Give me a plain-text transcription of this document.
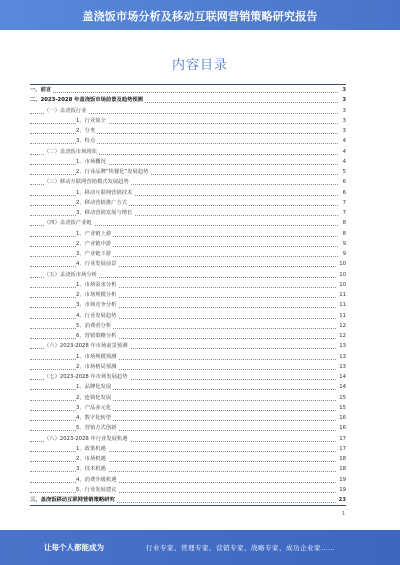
盖浇饭市场分析及移动互联网营销策略研究报告
内容目录
一、前言	3
二、2023-2028 年盖浇饭市场前景及趋势预测	3
（一）盖浇饭行业	3
1、行业简介	3
2、分类	3
3、特点	4
（二）盖浇饭市场现状	4
1、市场概况	4
2、行业品牌“快餐化”发展趋势	5
（三）移动互联网营销模式发展趋势	6
1、移动互联网营销技术	6
2、移动营销推广方式	7
3、移动营销发展与增长	7
（四）盖浇饭产业链	8
1、产业链上游	8
2、产业链中游	9
3、产业链下游	9
4、行业发展前景	10
（五）盖浇饭市场分析	10
1、市场需求分析	10
2、市场规模分析	11
3、市场竞争分析	11
4、行业发展趋势	11
5、消费者分析	12
6、营销策略分析	12
（六）2023-2028 年市场前景预测	13
1、市场规模预测	13
2、市场格局预测	13
（七）2023-2028 年市场发展趋势	14
1、品牌化发展	14
2、连锁化发展	15
3、产品多元化	15
4、数字化转型	16
5、营销方式创新	16
（八）2023-2028 年行业发展机遇	17
1、政策机遇	17
2、市场机遇	18
3、技术机遇	18
4、消费升级机遇	19
5、行业发展建议	19
三、盖浇饭移动互联网营销策略研究	23
1
让每个人都能成为	行业专家、管理专家、营销专家、战略专家、成功企业家……
